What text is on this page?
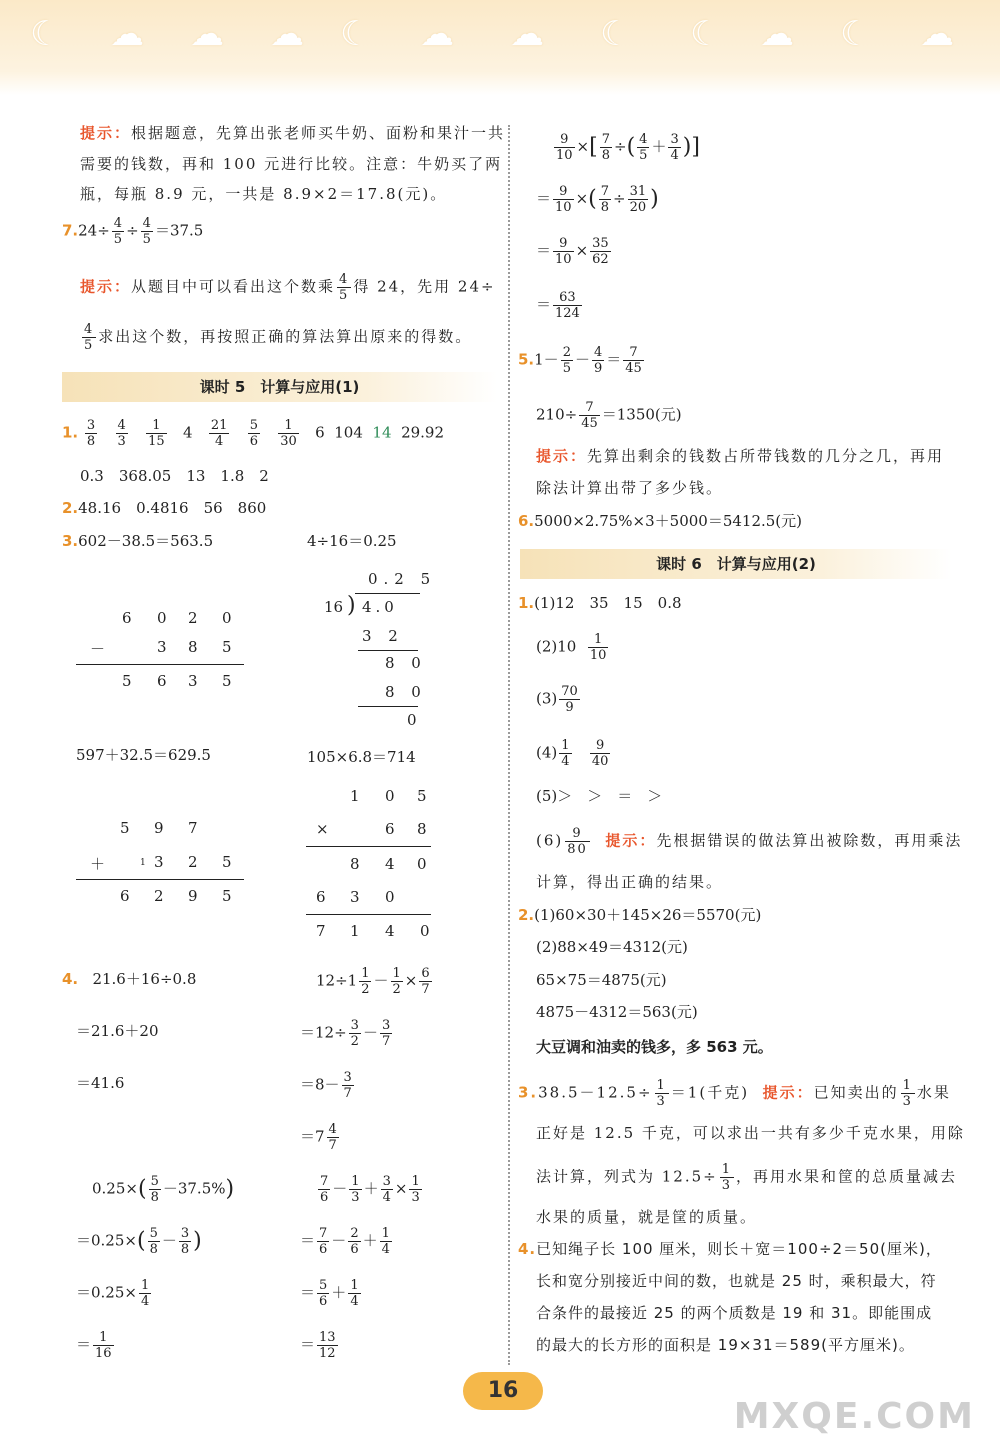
☾ ☁ ☁ ☁ ☾ ☁ ☁ ☾ ☾ ☁ ☾ ☁
提示：根据题意，先算出张老师买牛奶、面粉和果汁一共
需要的钱数，再和 100 元进行比较。注意：牛奶买了两
瓶，每瓶 8.9 元，一共是 8.9×2＝17.8(元)。
$7.24\div \frac{4}{5} \div \frac{4}{5} =37.5$
提示：从题目中可以看出这个数乘 $\frac{4}{5}$ 得 24，先用 24÷
$\frac{4}{5}$ 求出这个数，再按照正确的算法算出原来的得数。
课时 5　计算与应用(1)
1. $\frac{3}{8}$
$\frac{4}{3}$
$\frac{1}{15} 4 \frac{21}{4}$
$\frac{5}{6}$
$\frac{1}{30} 6$ 104 14 29.92
0.3　368.05　13　1.8　2
2.48.16　0.4816　56　860
3.602－38.5＝563.5	4÷16＝0.25
6 0 2 0
－	3 8 5
5 6 3 5
0.2 5
16 ) 4.0
3 2
8 0
8 0
0
597＋32.5＝629.5	105×6.8＝714
5 9 7
＋	1 3 2 5
6 2 9 5
1 0 5
×	6 8
8 4 0
6 3 0
7 1 4 0
4. 21.6＋16÷0.8
＝21.6＋20
＝41.6
$12\div 1 \frac{1}{2} - \frac{1}{2} \times \frac{6}{7}$
$=12\div \frac{3}{2} - \frac{3}{7}$
$=8- \frac{3}{7}$
$=7 \frac{4}{7}$
$0.25\times( \frac{5}{8} -37.5\%)$
$=0.25\times( \frac{5}{8} - \frac{3}{8}$ )
$=0.25\times \frac{1}{4}$
＝ $\frac{1}{16}$
$\frac{7}{6} - \frac{1}{3} + \frac{3}{4} \times \frac{1}{3}$
＝ $\frac{7}{6} - \frac{2}{6} + \frac{1}{4}$
＝ $\frac{5}{6} + \frac{1}{4}$
＝ $\frac{13}{12}$
$\frac{9}{10}$ ×[ $\frac{7}{8}$ ÷( $\frac{4}{5} + \frac{3}{4}$ )]
＝ $\frac{9}{10}$ ×( $\frac{7}{8} \div \frac{31}{20}$ )
＝ $\frac{9}{10} \times \frac{35}{62}$
＝ $\frac{63}{124}$
$5.1- \frac{2}{5} - \frac{4}{9} = \frac{7}{45}$
$210\div \frac{7}{45} =1350$(元)
提示：先算出剩余的钱数占所带钱数的几分之几，再用
除法计算出带了多少钱。
6.5000×2.75%×3＋5000＝5412.5(元)
课时 6　计算与应用(2)
1.(1)12　35　15　0.8
$(2)10 \frac{1}{10}$
$(3) \frac{70}{9}$
$(4) \frac{1}{4}$
$\frac{9}{40}$
(5)＞　＞　＝　＞
$(6) \frac{9}{80}$ 提示：先根据错误的做法算出被除数，再用乘法
计算，得出正确的结果。
2.(1)60×30＋145×26＝5570(元)
(2)88×49＝4312(元)
65×75＝4875(元)
4875－4312＝563(元)
大豆调和油卖的钱多，多 563 元。
$3.38.5-12.5\div \frac{1}{3} =1$(千克) 提示：已知卖出的 $\frac{1}{3}$ 水果
正好是 12.5 千克，可以求出一共有多少千克水果，用除
法计算，列式为 $12.5\div \frac{1}{3}$ ，再用水果和筐的总质量减去
水果的质量，就是筐的质量。
4.已知绳子长 100 厘米，则长＋宽＝100÷2＝50(厘米)，
长和宽分别接近中间的数，也就是 25 时，乘积最大，符
合条件的最接近 25 的两个质数是 19 和 31。即能围成
的最大的长方形的面积是 19×31＝589(平方厘米)。
16
MXQE.COM
